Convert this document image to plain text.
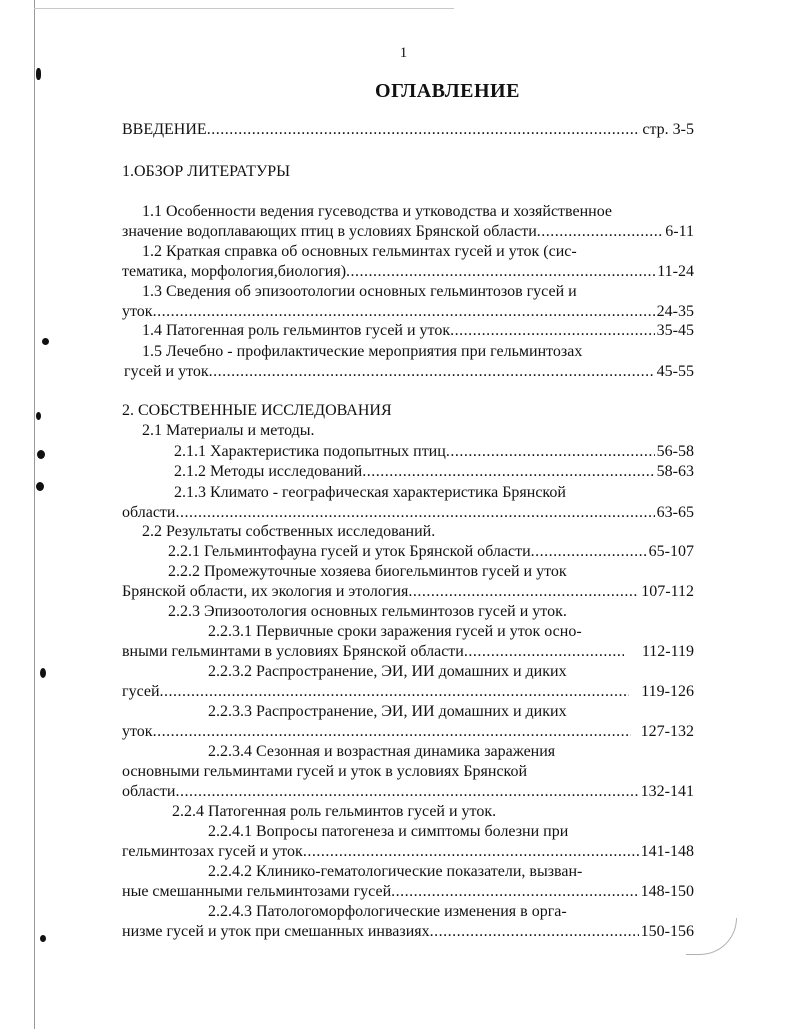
1
ОГЛАВЛЕНИЕ
ВВЕДЕНИЕ .....	стр. 3-5
1.ОБЗОР ЛИТЕРАТУРЫ
1.1 Особенности ведения гусеводства и утководства и хозяйственное
значение водоплавающих птиц в условиях Брянской области .....	6-11
1.2 Краткая справка об основных гельминтах гусей и уток (сис-
тематика, морфология,биология) .....	11-24
1.3 Сведения об эпизоотологии основных гельминтозов гусей и
уток .....	24-35
1.4 Патогенная роль гельминтов гусей и уток .....	35-45
1.5 Лечебно - профилактические мероприятия при гельминтозах
гусей и уток .....	45-55
2. СОБСТВЕННЫЕ ИССЛЕДОВАНИЯ
2.1 Материалы и методы.
2.1.1 Характеристика подопытных птиц .....	56-58
2.1.2 Методы исследований .....	58-63
2.1.3 Климато - географическая характеристика Брянской
области .....	63-65
2.2 Результаты собственных исследований.
2.2.1 Гельминтофауна гусей и уток Брянской области .....	65-107
2.2.2 Промежуточные хозяева биогельминтов гусей и уток
Брянской области, их экология и этология .....	107-112
2.2.3 Эпизоотология основных гельминтозов гусей и уток.
2.2.3.1 Первичные сроки заражения гусей и уток осно-
вными гельминтами в условиях Брянской области .....	112-119
2.2.3.2 Распространение, ЭИ, ИИ домашних и диких
гусей .....	119-126
2.2.3.3 Распространение, ЭИ, ИИ домашних и диких
уток .....	127-132
2.2.3.4 Сезонная и возрастная динамика заражения
основными гельминтами гусей и уток в условиях Брянской
области .....	132-141
2.2.4 Патогенная роль гельминтов гусей и уток.
2.2.4.1 Вопросы патогенеза и симптомы болезни при
гельминтозах гусей и уток .....	141-148
2.2.4.2 Клинико-гематологические показатели, вызван-
ные смешанными гельминтозами гусей .....	148-150
2.2.4.3 Патологоморфологические изменения в орга-
низме гусей и уток при смешанных инвазиях .....	150-156
